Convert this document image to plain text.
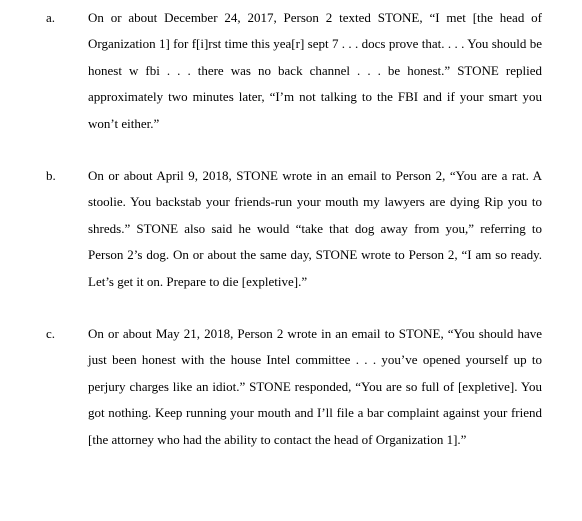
a.	On or about December 24, 2017, Person 2 texted STONE, “I met [the head of Organization 1] for f[i]rst time this yea[r] sept 7 . . . docs prove that. . . . You should be honest w fbi . . . there was no back channel . . . be honest.” STONE replied approximately two minutes later, “I’m not talking to the FBI and if your smart you won’t either.”
b. On or about April 9, 2018, STONE wrote in an email to Person 2, “You are a rat. A stoolie. You backstab your friends-run your mouth my lawyers are dying Rip you to shreds.” STONE also said he would “take that dog away from you,” referring to Person 2’s dog. On or about the same day, STONE wrote to Person 2, “I am so ready. Let’s get it on. Prepare to die [expletive].”
c.	On or about May 21, 2018, Person 2 wrote in an email to STONE, “You should have just been honest with the house Intel committee . . . you’ve opened yourself up to perjury charges like an idiot.” STONE responded, “You are so full of [expletive]. You got nothing. Keep running your mouth and I’ll file a bar complaint against your friend [the attorney who had the ability to contact the head of Organization 1].”
